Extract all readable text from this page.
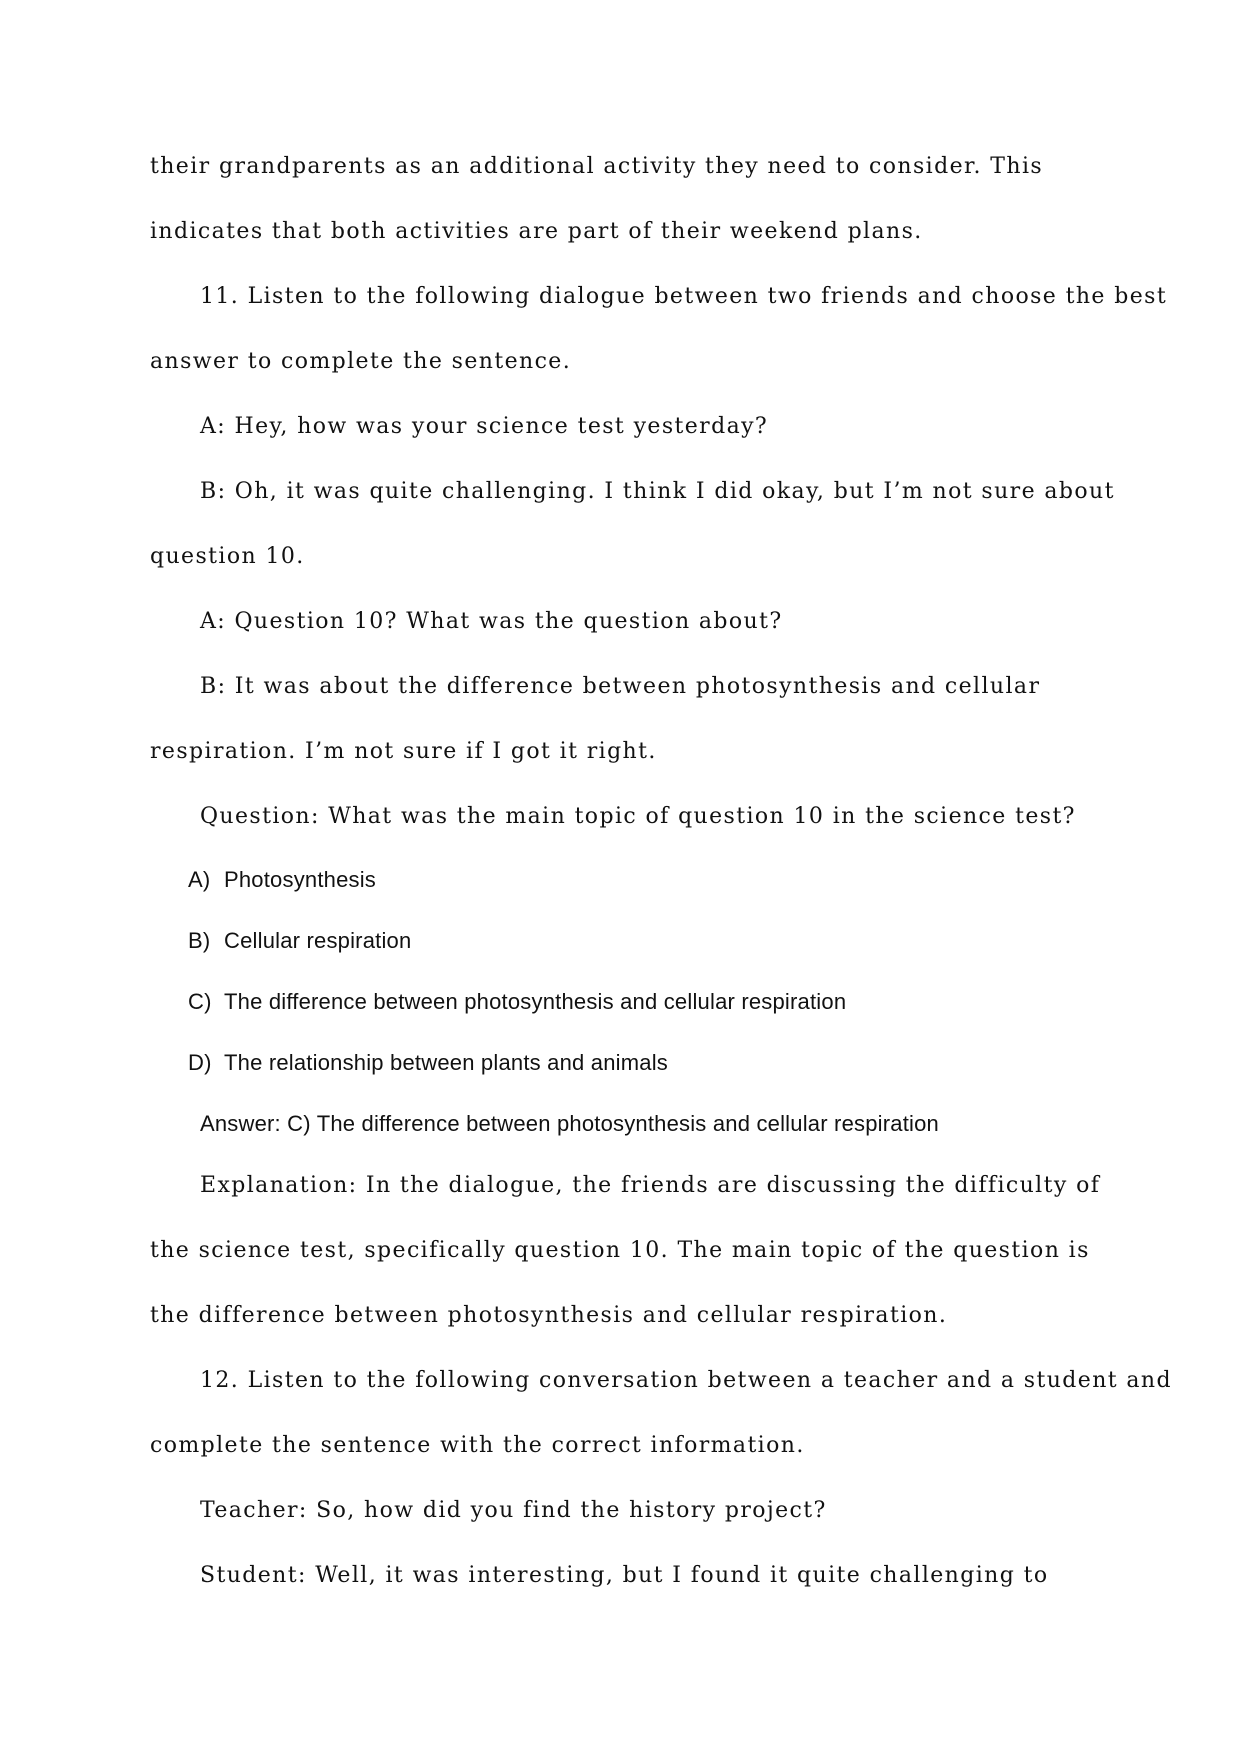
their grandparents as an additional activity they need to consider. This
indicates that both activities are part of their weekend plans.
11. Listen to the following dialogue between two friends and choose the best
answer to complete the sentence.
A: Hey, how was your science test yesterday?
B: Oh, it was quite challenging. I think I did okay, but I’m not sure about
question 10.
A: Question 10? What was the question about?
B: It was about the difference between photosynthesis and cellular
respiration. I’m not sure if I got it right.
Question: What was the main topic of question 10 in the science test?
A) Photosynthesis
B) Cellular respiration
C) The difference between photosynthesis and cellular respiration
D) The relationship between plants and animals
Answer: C) The difference between photosynthesis and cellular respiration
Explanation: In the dialogue, the friends are discussing the difficulty of
the science test, specifically question 10. The main topic of the question is
the difference between photosynthesis and cellular respiration.
12. Listen to the following conversation between a teacher and a student and
complete the sentence with the correct information.
Teacher: So, how did you find the history project?
Student: Well, it was interesting, but I found it quite challenging to
